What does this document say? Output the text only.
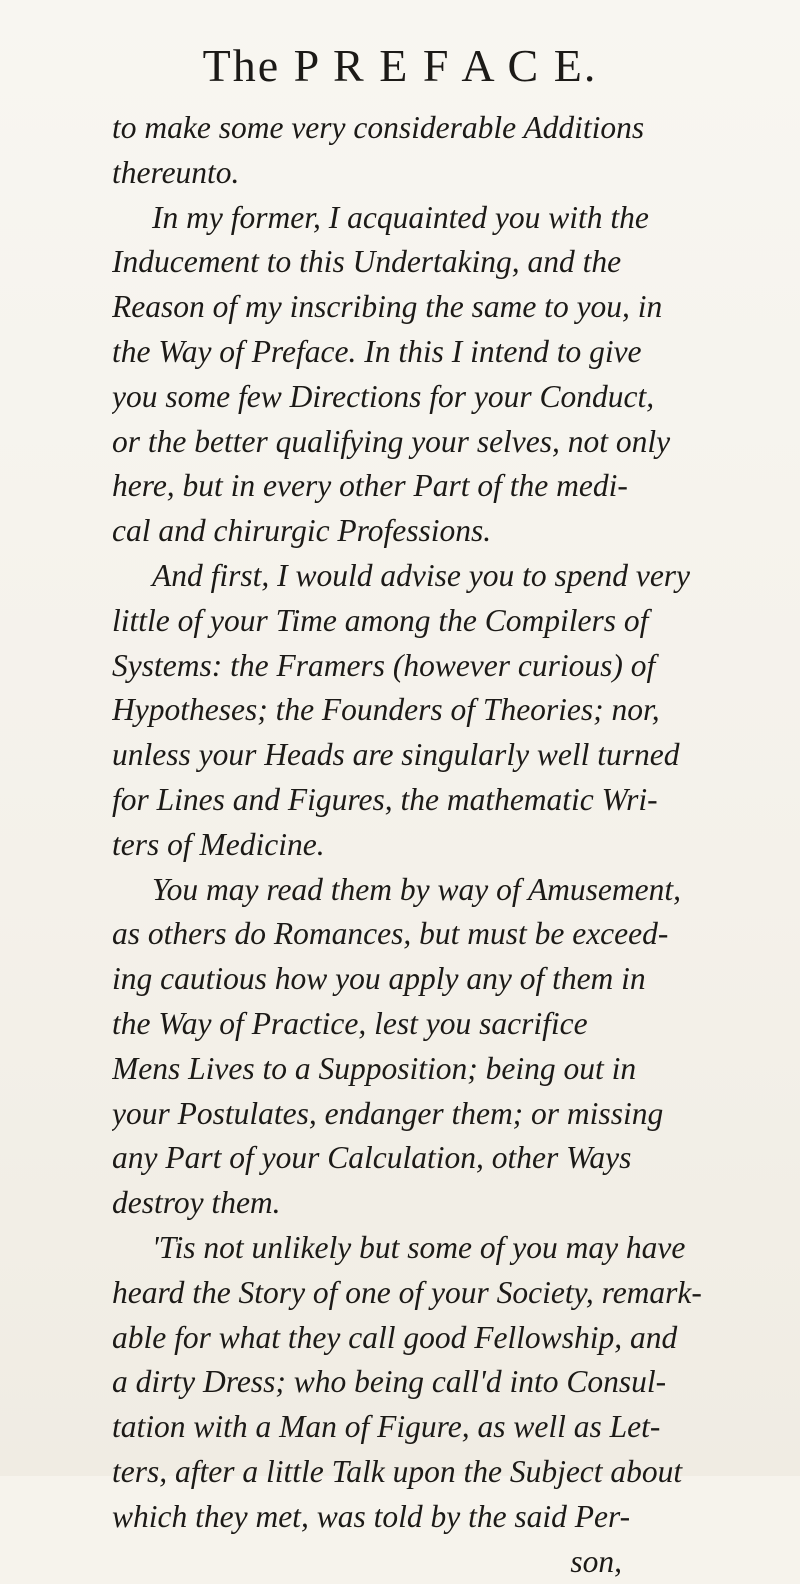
The P R E F A C E.
to make some very considerable Additions
thereunto.
In my former, I acquainted you with the
Inducement to this Undertaking, and the
Reason of my inscribing the same to you, in
the Way of Preface. In this I intend to give
you some few Directions for your Conduct,
or the better qualifying your selves, not only
here, but in every other Part of the medi-
cal and chirurgic Professions.
And first, I would advise you to spend very
little of your Time among the Compilers of
Systems: the Framers (however curious) of
Hypotheses; the Founders of Theories; nor,
unless your Heads are singularly well turned
for Lines and Figures, the mathematic Wri-
ters of Medicine.
You may read them by way of Amusement,
as others do Romances, but must be exceed-
ing cautious how you apply any of them in
the Way of Practice, lest you sacrifice
Mens Lives to a Supposition; being out in
your Postulates, endanger them; or missing
any Part of your Calculation, other Ways
destroy them.
'Tis not unlikely but some of you may have
heard the Story of one of your Society, remark-
able for what they call good Fellowship, and
a dirty Dress; who being call'd into Consul-
tation with a Man of Figure, as well as Let-
ters, after a little Talk upon the Subject about
which they met, was told by the said Per-
son,
